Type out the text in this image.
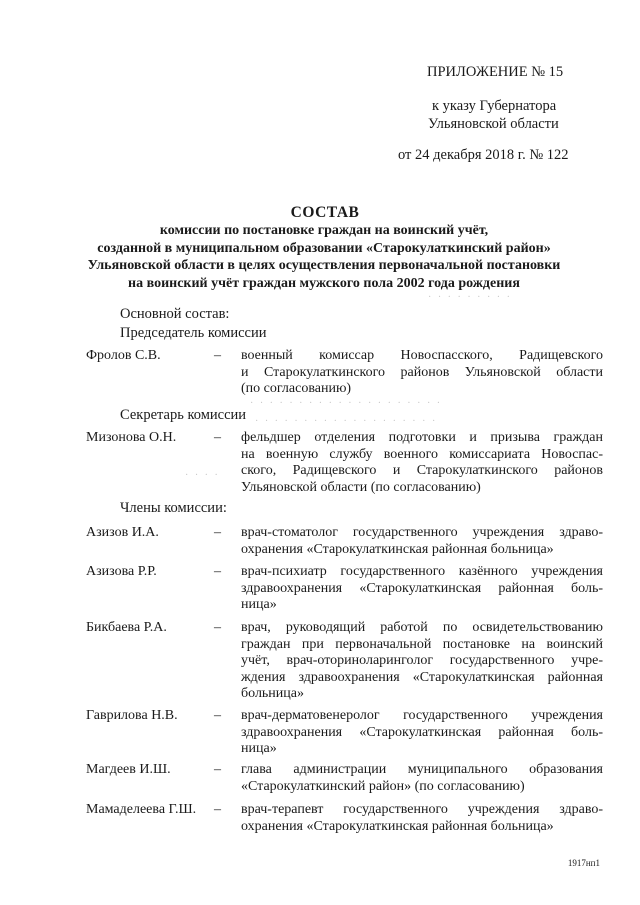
ПРИЛОЖЕНИЕ № 15
к указу Губернатора
Ульяновской области
от 24 декабря 2018 г. № 122
СОСТАВ
комиссии по постановке граждан на воинский учёт,
созданной в муниципальном образовании «Старокулаткинский район»
Ульяновской области в целях осуществления первоначальной постановки
на воинский учёт граждан мужского пола 2002 года рождения
· · · · · · · · ·
· · · · · · · · · · · · · · · · · · · ·
· · · · · · · · · · · · · · · · · · ·
· · · ·
Основной состав:
Председатель комиссии
Фролов С.В.	– военный комиссар Новоспасского, Радищевского
и Старокулаткинского районов Ульяновской области
(по согласованию)
Секретарь комиссии
Мизонова О.Н.	– фельдшер отделения подготовки и призыва граждан
на военную службу военного комиссариата Новоспас-
ского, Радищевского и Старокулаткинского районов
Ульяновской области (по согласованию)
Члены комиссии:
Азизов И.А.	– врач-стоматолог государственного учреждения здраво-
охранения «Старокулаткинская районная больница»
Азизова Р.Р.	– врач-психиатр государственного казённого учреждения
здравоохранения «Старокулаткинская районная боль-
ница»
Бикбаева Р.А.	– врач, руководящий работой по освидетельствованию
граждан при первоначальной постановке на воинский
учёт, врач-оториноларинголог государственного учре-
ждения здравоохранения «Старокулаткинская районная
больница»
Гаврилова Н.В.	– врач-дерматовенеролог государственного учреждения
здравоохранения «Старокулаткинская районная боль-
ница»
Магдеев И.Ш.	– глава администрации муниципального образования
«Старокулаткинский район» (по согласованию)
Мамаделеева Г.Ш. – врач-терапевт государственного учреждения здраво-
охранения «Старокулаткинская районная больница»
1917нп1
